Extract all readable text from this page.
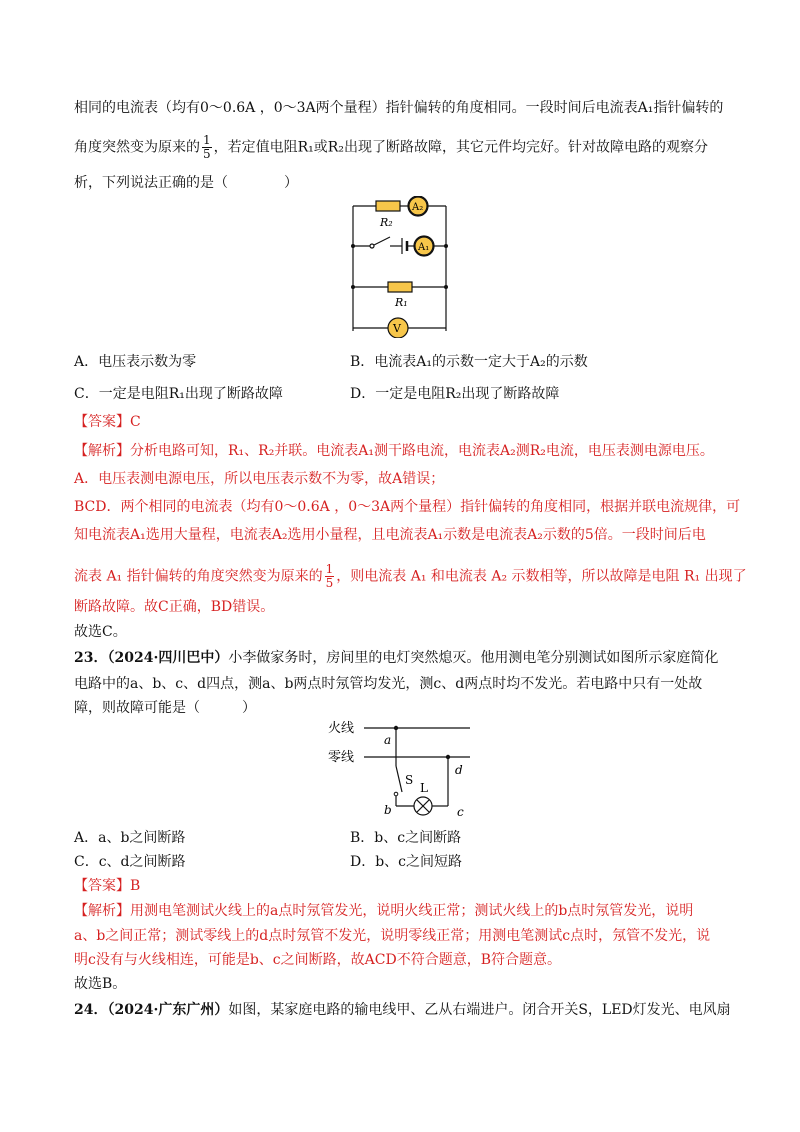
相同的电流表（均有0～0.6A ，0～3A两个量程）指针偏转的角度相同。一段时间后电流表A₁指针偏转的
角度突然变为原来的 $\frac{1}{5}$ ，若定值电阻R₁或R₂出现了断路故障，其它元件均完好。针对故障电路的观察分
析，下列说法正确的是（　　　　）
A₂
A₁
V
R₂
R₁
A．电压表示数为零	B．电流表A₁的示数一定大于A₂的示数
C．一定是电阻R₁出现了断路故障	D．一定是电阻R₂出现了断路故障
【答案】C
【解析】分析电路可知，R₁、R₂并联。电流表A₁测干路电流，电流表A₂测R₂电流，电压表测电源电压。
A．电压表测电源电压，所以电压表示数不为零，故A错误；
BCD．两个相同的电流表（均有0～0.6A ，0～3A两个量程）指针偏转的角度相同，根据并联电流规律，可
知电流表A₁选用大量程，电流表A₂选用小量程，且电流表A₁示数是电流表A₂示数的5倍。一段时间后电
流表 A₁ 指针偏转的角度突然变为原来的 $\frac{1}{5}$ ，则电流表 A₁ 和电流表 A₂ 示数相等，所以故障是电阻 R₁ 出现了
断路故障。故C正确，BD错误。
故选C。
23．（2024·四川巴中）小李做家务时，房间里的电灯突然熄灭。他用测电笔分别测试如图所示家庭简化
电路中的a、b、c、d四点，测a、b两点时氖管均发光，测c、d两点时均不发光。若电路中只有一处故
障，则故障可能是（　　　）
火线
零线
a
d
S
L
b	c
A．a、b之间断路	B．b、c之间断路
C．c、d之间断路	D．b、c之间短路
【答案】B
【解析】用测电笔测试火线上的a点时氖管发光，说明火线正常；测试火线上的b点时氖管发光，说明
a、b之间正常；测试零线上的d点时氖管不发光，说明零线正常；用测电笔测试c点时，氖管不发光，说
明c没有与火线相连，可能是b、c之间断路，故ACD不符合题意，B符合题意。
故选B。
24．（2024·广东广州）如图，某家庭电路的输电线甲、乙从右端进户。闭合开关S，LED灯发光、电风扇
